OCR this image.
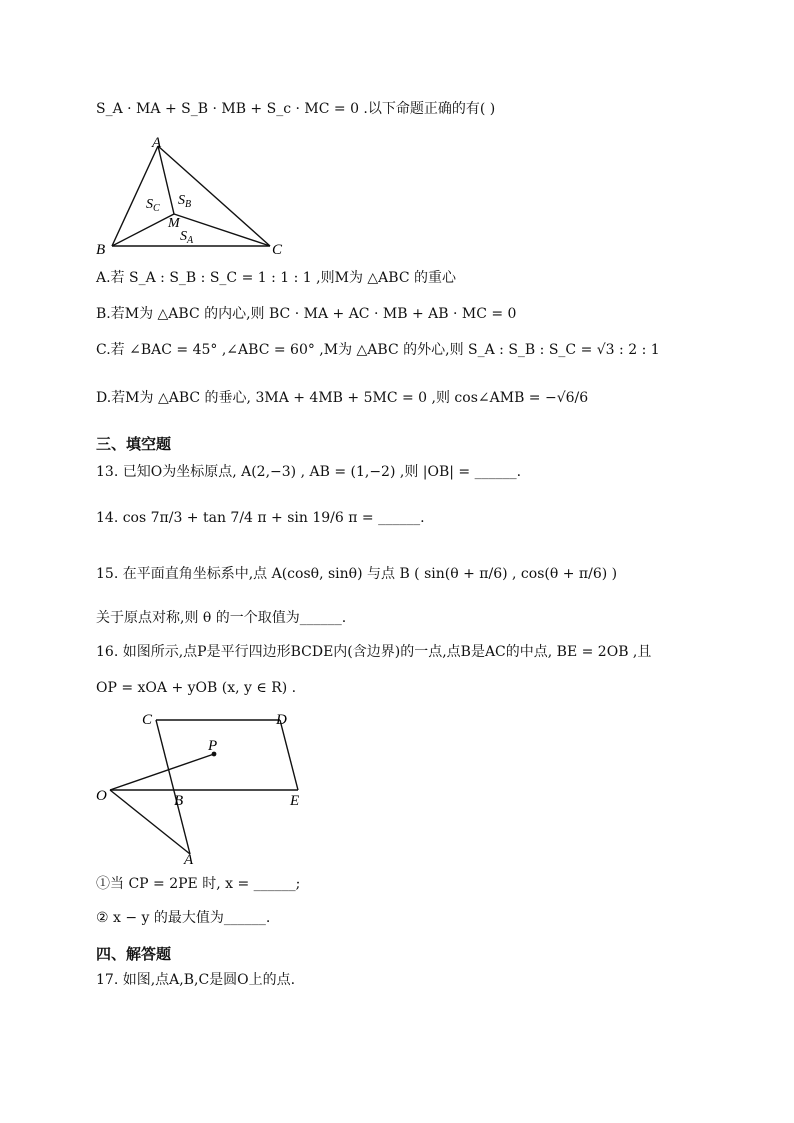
S_A · MA + S_B · MB + S_c · MC = 0 .以下命题正确的有( )
A
B	C
M
$S_B$
$S_C$
$S_A$
A.若 S_A : S_B : S_C = 1 : 1 : 1 ,则M为 △ABC 的重心
B.若M为 △ABC 的内心,则 BC · MA + AC · MB + AB · MC = 0
C.若 ∠BAC = 45° ,∠ABC = 60° ,M为 △ABC 的外心,则 S_A : S_B : S_C = √3 : 2 : 1
D.若M为 △ABC 的垂心, 3MA + 4MB + 5MC = 0 ,则 cos∠AMB = −√6/6
三、填空题
13. 已知O为坐标原点, A(2,−3) , AB = (1,−2) ,则 |OB| = ______.
14. cos 7π/3 + tan 7/4 π + sin 19/6 π = ______.
15. 在平面直角坐标系中,点 A(cosθ, sinθ) 与点 B ( sin(θ + π/6) , cos(θ + π/6) )
关于原点对称,则 θ 的一个取值为______.
16. 如图所示,点P是平行四边形BCDE内(含边界)的一点,点B是AC的中点, BE = 2OB ,且
OP = xOA + yOB (x, y ∈ R) .
C	D
P
O	B	E
A
①当 CP = 2PE 时, x = ______;
② x − y 的最大值为______.
四、解答题
17. 如图,点A,B,C是圆O上的点.
